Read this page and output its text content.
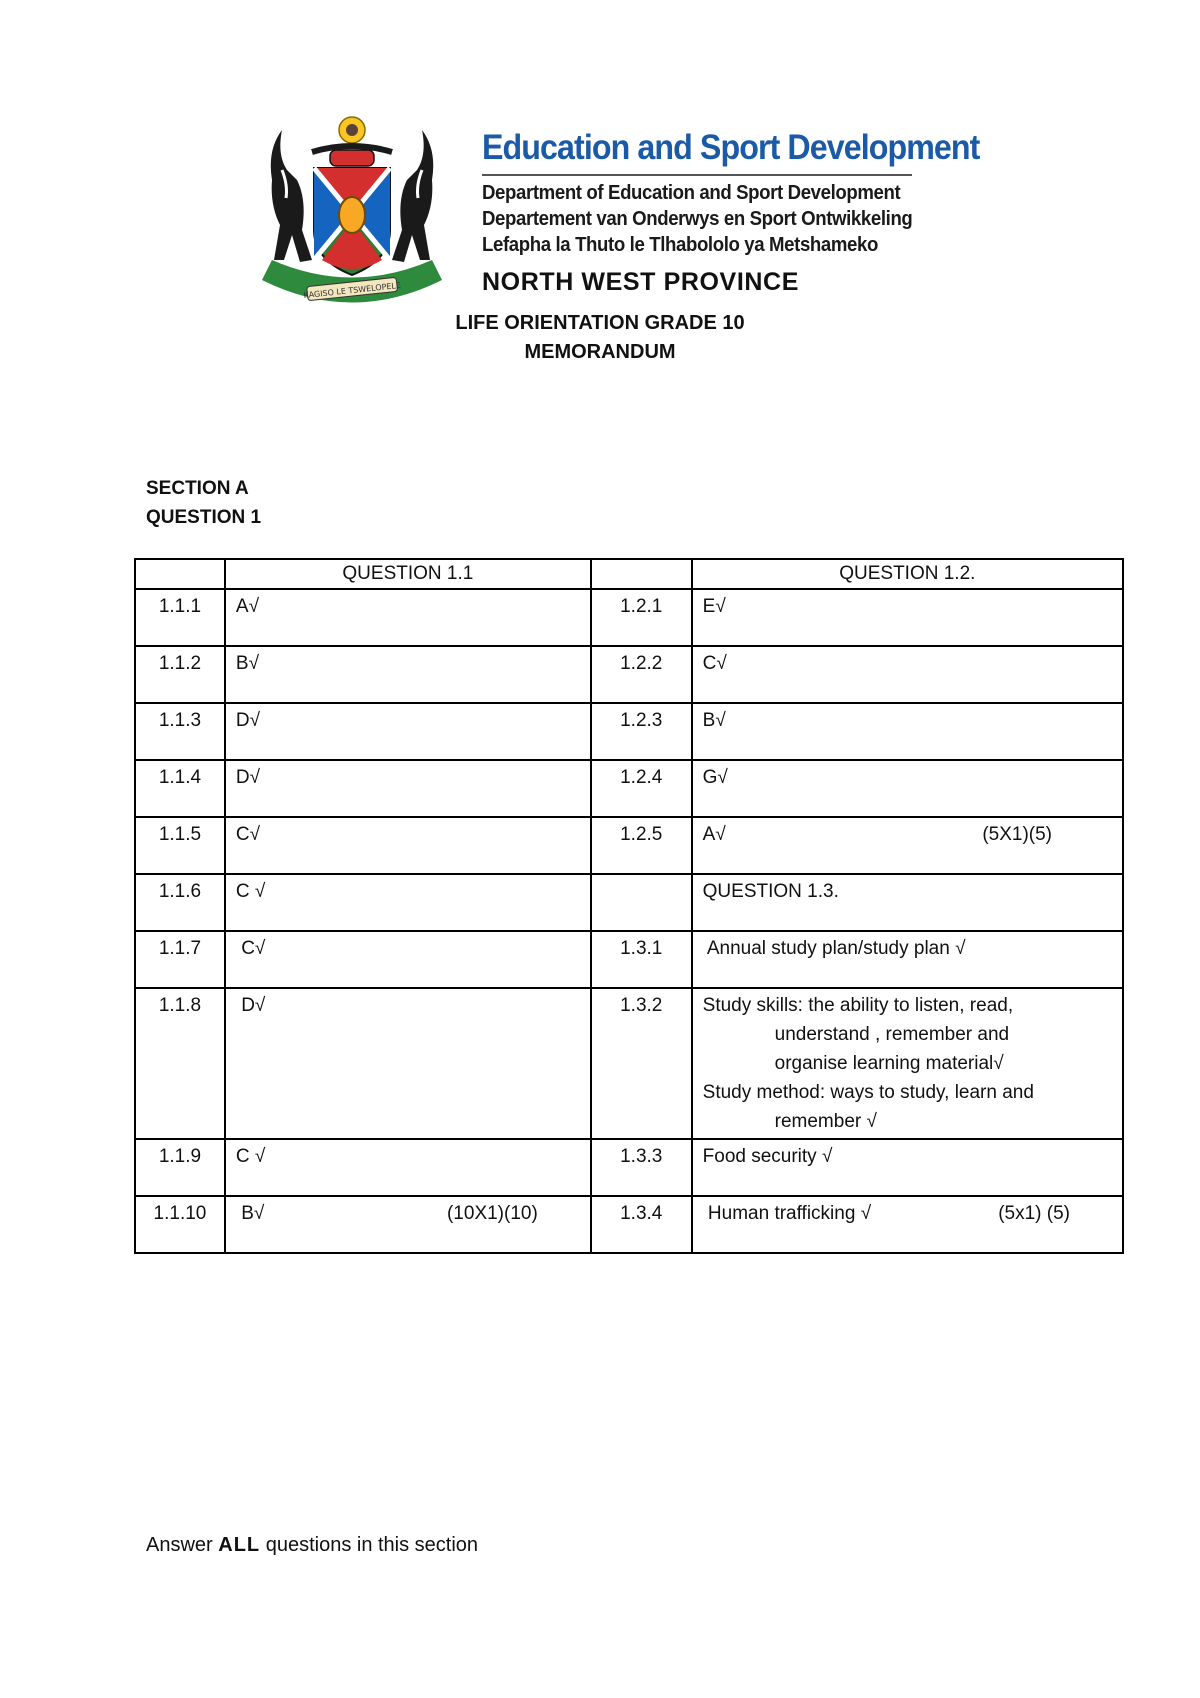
KAGISO LE TSWELOPELE
Education and Sport Development
Department of Education and Sport Development
Departement van Onderwys en Sport Ontwikkeling
Lefapha la Thuto le Tlhabololo ya Metshameko
NORTH WEST PROVINCE
LIFE ORIENTATION GRADE 10
MEMORANDUM
SECTION A
QUESTION 1
	QUESTION 1.1		QUESTION 1.2.
1.1.1	A√	1.2.1	E√
1.1.2	B√	1.2.2	C√
1.1.3	D√	1.2.3	B√
1.1.4	D√	1.2.4	G√
1.1.5	C√	1.2.5	A√ (5X1)(5)

1.1.6	C √		QUESTION 1.3.
1.1.7	C√	1.3.1	Annual study plan/study plan √
1.1.8	D√	1.3.2	Study skills: the ability to listen, read,
understand , remember and
organise learning material√
Study method: ways to study, learn and
remember √

1.1.9	C √	1.3.3	Food security √
1.1.10	B√ (10X1)(10)	1.3.4	Human trafficking √ (5x1) (5)
Answer ALL questions in this section
